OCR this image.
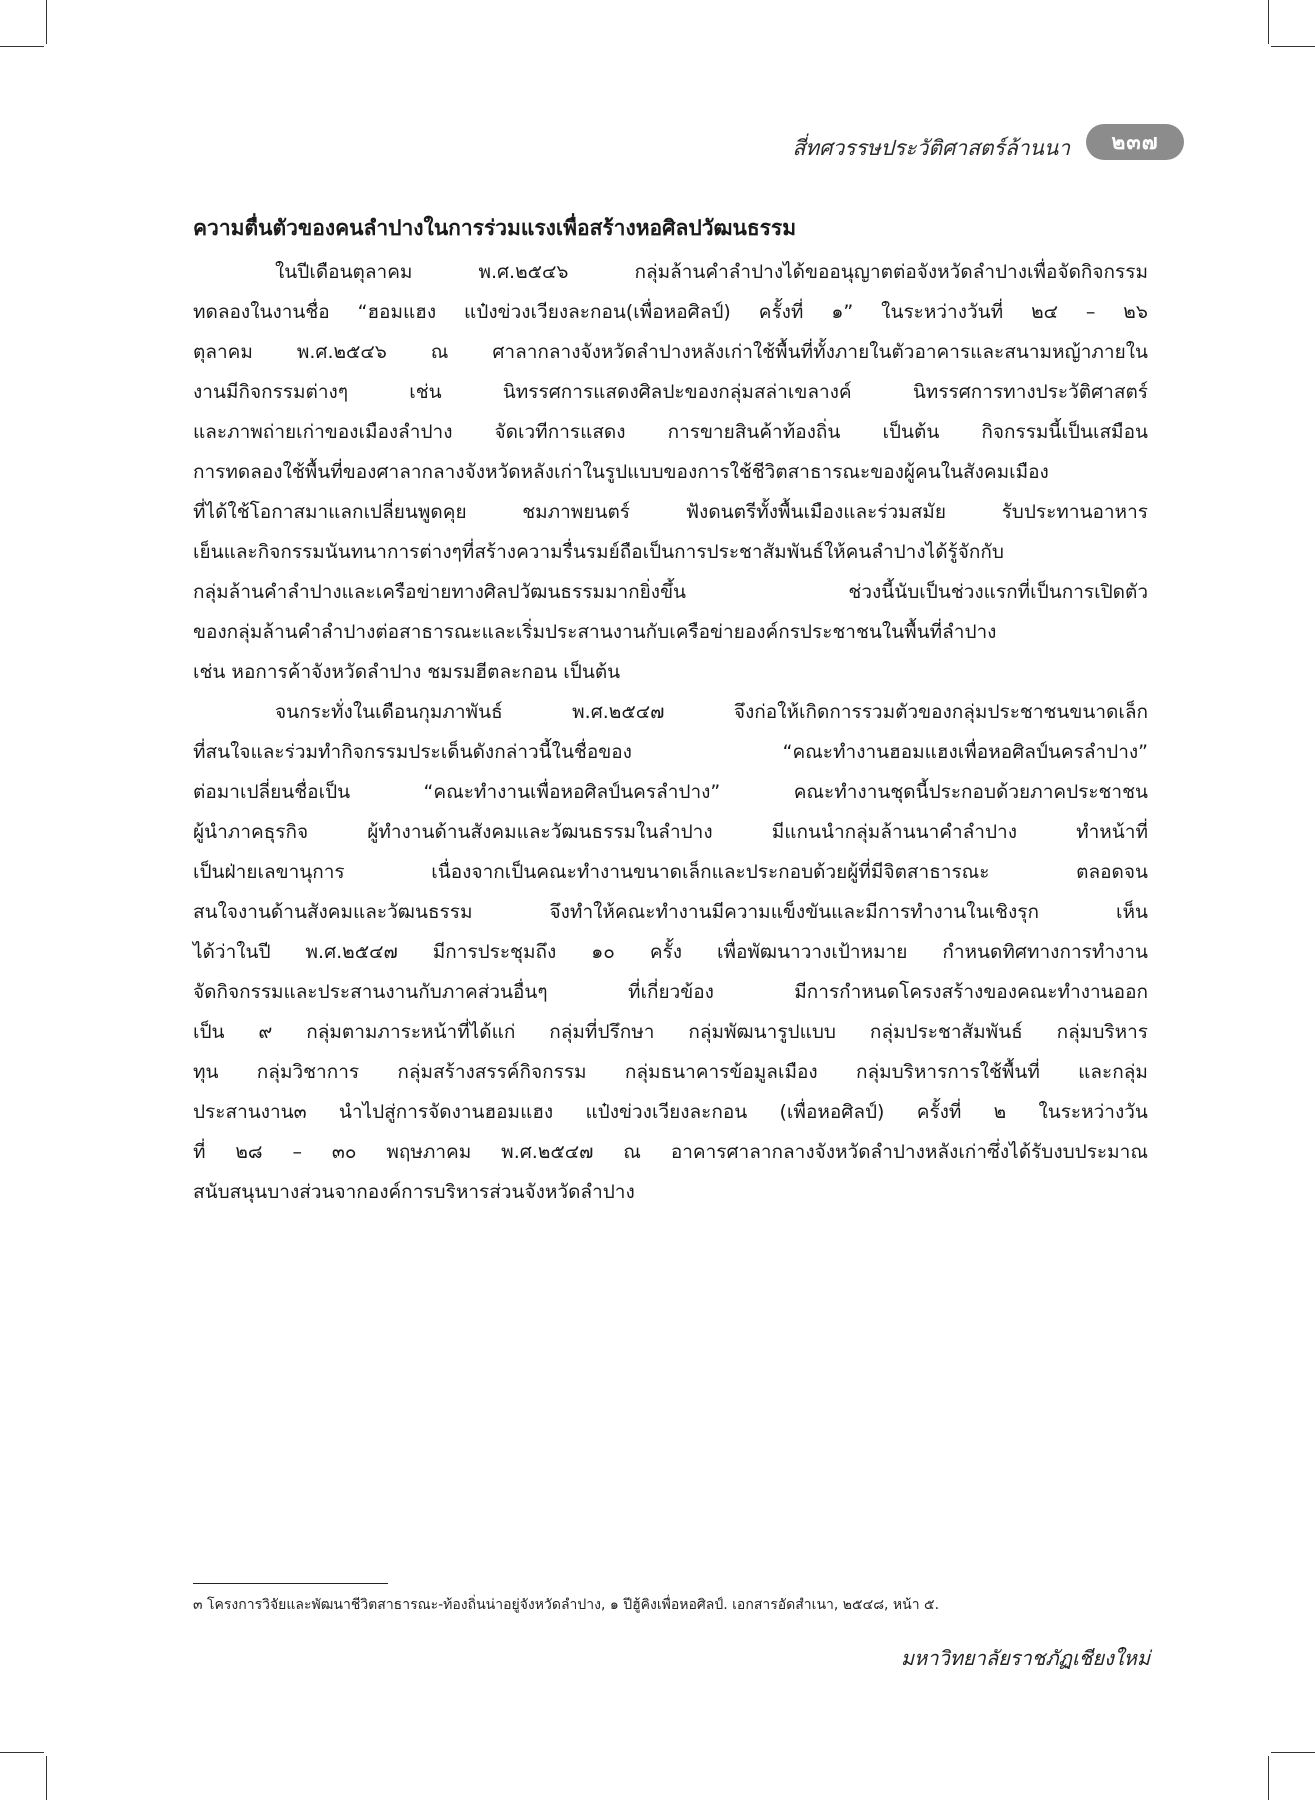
สี่ทศวรรษประวัติศาสตร์ล้านนา	๒๓๗
ความตื่นตัวของคนลำปางในการร่วมแรงเพื่อสร้างหอศิลปวัฒนธรรม
ในปีเดือนตุลาคม	พ.ศ.๒๕๔๖	กลุ่มล้านคำลำปางได้ขออนุญาตต่อจังหวัดลำปางเพื่อจัดกิจกรรม
ทดลองในงานชื่อ “ฮอมแฮง แป๋งข่วงเวียงละกอน(เพื่อหอศิลป์) ครั้งที่ ๑” ในระหว่างวันที่ ๒๔ – ๒๖
ตุลาคม พ.ศ.๒๕๔๖ ณ ศาลากลางจังหวัดลำปางหลังเก่าใช้พื้นที่ทั้งภายในตัวอาคารและสนามหญ้าภายใน
งานมีกิจกรรมต่างๆ	เช่น	นิทรรศการแสดงศิลปะของกลุ่มสล่าเขลางค์	นิทรรศการทางประวัติศาสตร์
และภาพถ่ายเก่าของเมืองลำปาง จัดเวทีการแสดง การขายสินค้าท้องถิ่น เป็นต้น กิจกรรมนี้เป็นเสมือน
การทดลองใช้พื้นที่ของศาลากลางจังหวัดหลังเก่าในรูปแบบของการใช้ชีวิตสาธารณะของผู้คนในสังคมเมือง
ที่ได้ใช้โอกาสมาแลกเปลี่ยนพูดคุย	ชมภาพยนตร์	ฟังดนตรีทั้งพื้นเมืองและร่วมสมัย	รับประทานอาหาร
เย็นและกิจกรรมนันทนาการต่างๆที่สร้างความรื่นรมย์ถือเป็นการประชาสัมพันธ์ให้คนลำปางได้รู้จักกับ
กลุ่มล้านคำลำปางและเครือข่ายทางศิลปวัฒนธรรมมากยิ่งขึ้น	ช่วงนี้นับเป็นช่วงแรกที่เป็นการเปิดตัว
ของกลุ่มล้านคำลำปางต่อสาธารณะและเริ่มประสานงานกับเครือข่ายองค์กรประชาชนในพื้นที่ลำปาง
เช่น หอการค้าจังหวัดลำปาง ชมรมฮีตละกอน เป็นต้น
จนกระทั่งในเดือนกุมภาพันธ์	พ.ศ.๒๕๔๗	จึงก่อให้เกิดการรวมตัวของกลุ่มประชาชนขนาดเล็ก
ที่สนใจและร่วมทำกิจกรรมประเด็นดังกล่าวนี้ในชื่อของ	“คณะทำงานฮอมแฮงเพื่อหอศิลป์นครลำปาง”
ต่อมาเปลี่ยนชื่อเป็น	“คณะทำงานเพื่อหอศิลป์นครลำปาง”	คณะทำงานชุดนี้ประกอบด้วยภาคประชาชน
ผู้นำภาคธุรกิจ	ผู้ทำงานด้านสังคมและวัฒนธรรมในลำปาง	มีแกนนำกลุ่มล้านนาคำลำปาง	ทำหน้าที่
เป็นฝ่ายเลขานุการ	เนื่องจากเป็นคณะทำงานขนาดเล็กและประกอบด้วยผู้ที่มีจิตสาธารณะ	ตลอดจน
สนใจงานด้านสังคมและวัฒนธรรม	จึงทำให้คณะทำงานมีความแข็งขันและมีการทำงานในเชิงรุก	เห็น
ได้ว่าในปี พ.ศ.๒๕๔๗ มีการประชุมถึง ๑๐ ครั้ง เพื่อพัฒนาวางเป้าหมาย กำหนดทิศทางการทำงาน
จัดกิจกรรมและประสานงานกับภาคส่วนอื่นๆ	ที่เกี่ยวข้อง	มีการกำหนดโครงสร้างของคณะทำงานออก
เป็น ๙ กลุ่มตามภาระหน้าที่ได้แก่ กลุ่มที่ปรึกษา กลุ่มพัฒนารูปแบบ กลุ่มประชาสัมพันธ์ กลุ่มบริหาร
ทุน กลุ่มวิชาการ กลุ่มสร้างสรรค์กิจกรรม กลุ่มธนาคารข้อมูลเมือง กลุ่มบริหารการใช้พื้นที่ และกลุ่ม
ประสานงาน๓ นำไปสู่การจัดงานฮอมแฮง แป๋งข่วงเวียงละกอน (เพื่อหอศิลป์) ครั้งที่ ๒ ในระหว่างวัน
ที่ ๒๘ – ๓๐ พฤษภาคม พ.ศ.๒๕๔๗ ณ อาคารศาลากลางจังหวัดลำปางหลังเก่าซึ่งได้รับงบประมาณ
สนับสนุนบางส่วนจากองค์การบริหารส่วนจังหวัดลำปาง
๓ โครงการวิจัยและพัฒนาชีวิตสาธารณะ-ท้องถิ่นน่าอยู่จังหวัดลำปาง, ๑ ปีฮู้คิงเพื่อหอศิลป์. เอกสารอัดสำเนา, ๒๕๔๘, หน้า ๕.
มหาวิทยาลัยราชภัฏเชียงใหม่
